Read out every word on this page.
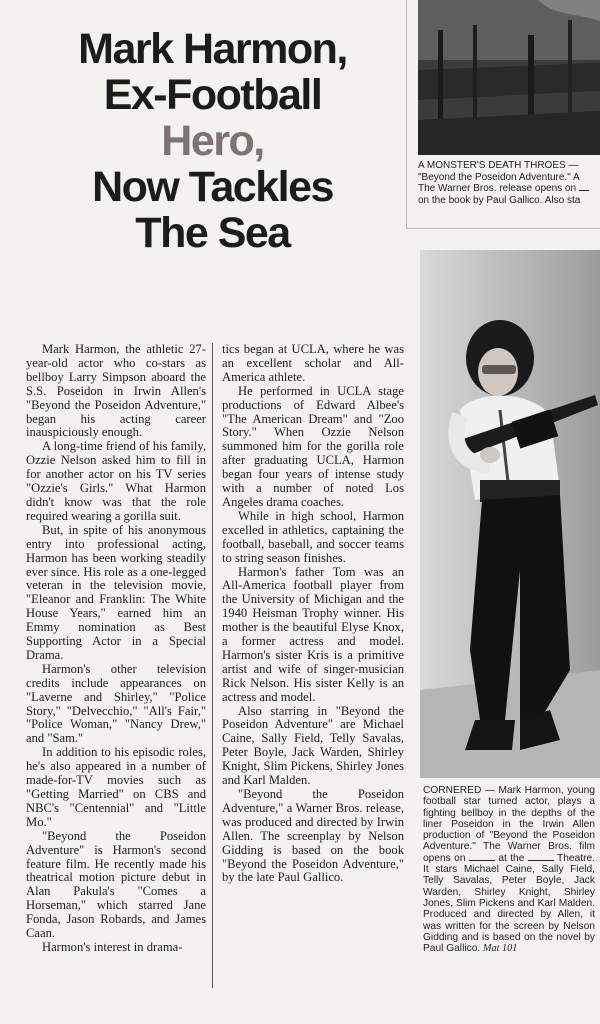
Mark Harmon,
Ex-Football
Hero,
Now Tackles
The Sea

Mark Harmon, the athletic 27-year-old actor who co-stars as bellboy Larry Simpson aboard the S.S. Poseidon in Irwin Allen's "Beyond the Poseidon Adventure," began his acting career inauspiciously enough.

A long-time friend of his family, Ozzie Nelson asked him to fill in for another actor on his TV series "Ozzie's Girls." What Harmon didn't know was that the role required wearing a gorilla suit.

But, in spite of his anonymous entry into professional acting, Harmon has been working steadily ever since. His role as a one-legged veteran in the television movie, "Eleanor and Franklin: The White House Years," earned him an Emmy nomination as Best Supporting Actor in a Special Drama.

Harmon's other television credits include appearances on "Laverne and Shirley," "Police Story," "Delvecchio," "All's Fair," "Police Woman," "Nancy Drew," and "Sam."

In addition to his episodic roles, he's also appeared in a number of made-for-TV movies such as "Getting Married" on CBS and NBC's "Centennial" and "Little Mo."

"Beyond the Poseidon Adventure" is Harmon's second feature film. He recently made his theatrical motion picture debut in Alan Pakula's "Comes a Horseman," which starred Jane Fonda, Jason Robards, and James Caan.

Harmon's interest in drama-

tics began at UCLA, where he was an excellent scholar and All-America athlete.

He performed in UCLA stage productions of Edward Albee's "The American Dream" and "Zoo Story." When Ozzie Nelson summoned him for the gorilla role after graduating UCLA, Harmon began four years of intense study with a number of noted Los Angeles drama coaches.

While in high school, Harmon excelled in athletics, captaining the football, baseball, and soccer teams to string season finishes.

Harmon's father Tom was an All-America football player from the University of Michigan and the 1940 Heisman Trophy winner. His mother is the beautiful Elyse Knox, a former actress and model. Harmon's sister Kris is a primitive artist and wife of singer-musician Rick Nelson. His sister Kelly is an actress and model.

Also starring in "Beyond the Poseidon Adventure" are Michael Caine, Sally Field, Telly Savalas, Peter Boyle, Jack Warden, Shirley Knight, Slim Pickens, Shirley Jones and Karl Malden.

"Beyond the Poseidon Adventure," a Warner Bros. release, was produced and directed by Irwin Allen. The screenplay by Nelson Gidding is based on the book "Beyond the Poseidon Adventure," by the late Paul Gallico.

A MONSTER'S DEATH THROES —
"Beyond the Poseidon Adventure." A
The Warner Bros. release opens on
on the book by Paul Gallico. Also sta
CORNERED — Mark Harmon, young football star turned actor, plays a fighting bellboy in the depths of the liner Poseidon in the Irwin Allen production of "Beyond the Poseidon Adventure." The Warner Bros. film opens on	at the	Theatre. It stars Michael Caine, Sally Field, Telly Savalas, Peter Boyle, Jack Warden, Shirley Knight, Shirley Jones, Slim Pickens and Karl Malden. Produced and directed by Allen, it was written for the screen by Nelson Gidding and is based on the novel by Paul Gallico. Mat 101
